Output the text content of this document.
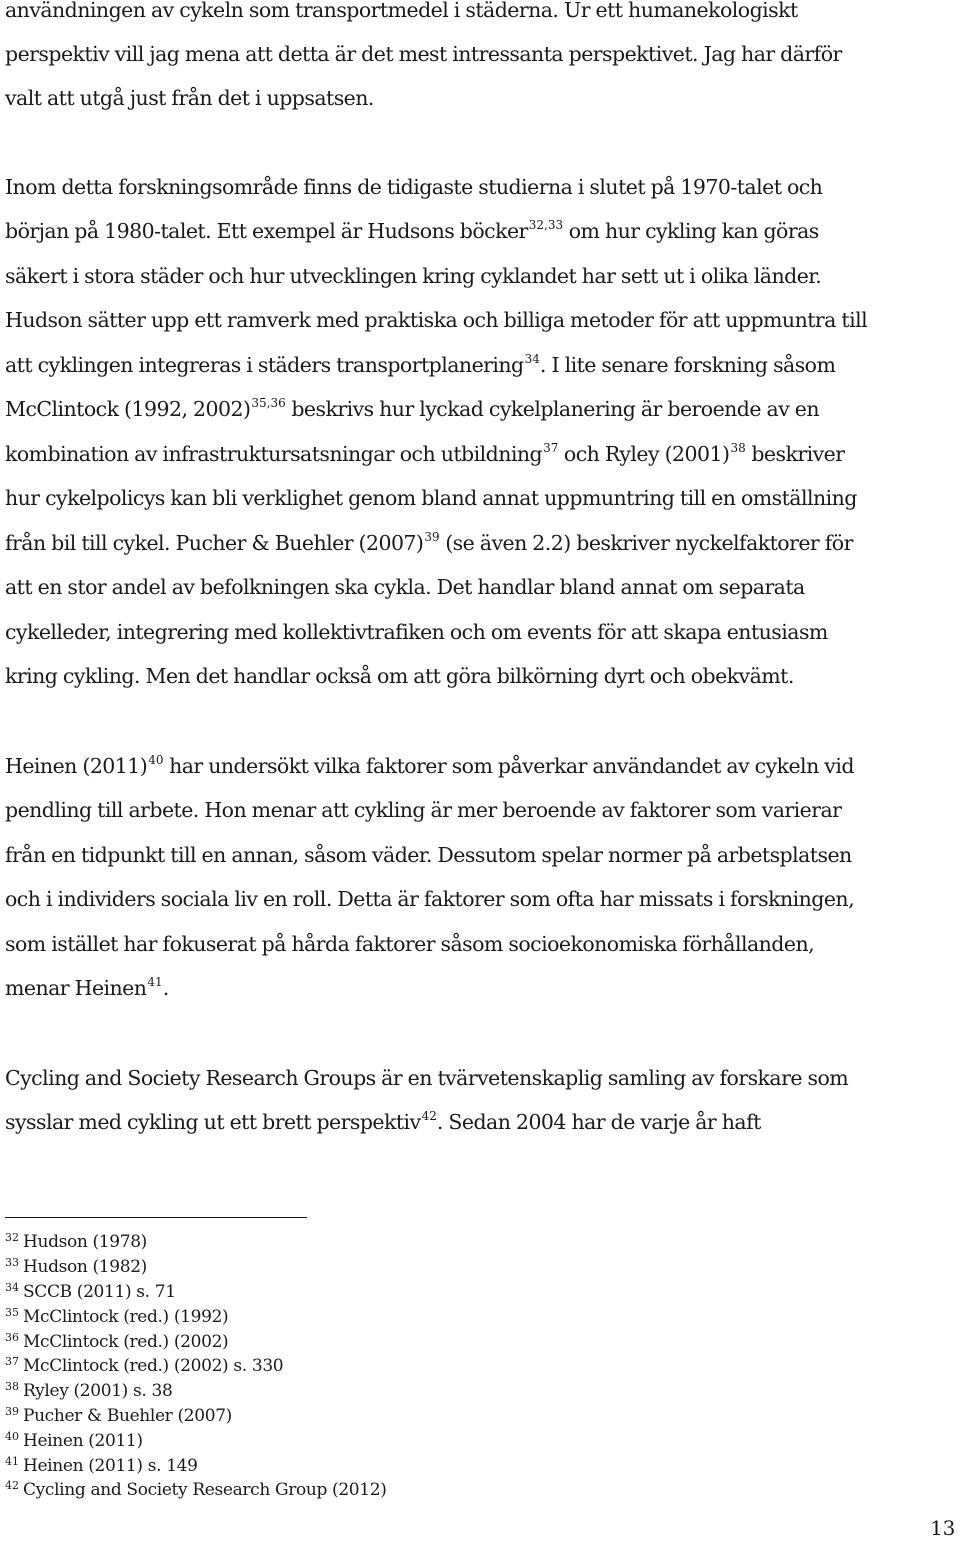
användningen av cykeln som transportmedel i städerna. Ur ett humanekologiskt
perspektiv vill jag mena att detta är det mest intressanta perspektivet. Jag har därför
valt att utgå just från det i uppsatsen.
Inom detta forskningsområde finns de tidigaste studierna i slutet på 1970-talet och
början på 1980-talet. Ett exempel är Hudsons böcker$^{32,33}$ om hur cykling kan göras
säkert i stora städer och hur utvecklingen kring cyklandet har sett ut i olika länder.
Hudson sätter upp ett ramverk med praktiska och billiga metoder för att uppmuntra till
att cyklingen integreras i städers transportplanering$^{34}$. I lite senare forskning såsom
McClintock (1992, 2002)$^{35,36}$ beskrivs hur lyckad cykelplanering är beroende av en
kombination av infrastruktursatsningar och utbildning$^{37}$ och Ryley $(2001)^{38}$ beskriver
hur cykelpolicys kan bli verklighet genom bland annat uppmuntring till en omställning
från bil till cykel. Pucher & Buehler $(2007)^{39}$ (se även 2.2) beskriver nyckelfaktorer för
att en stor andel av befolkningen ska cykla. Det handlar bland annat om separata
cykelleder, integrering med kollektivtrafiken och om events för att skapa entusiasm
kring cykling. Men det handlar också om att göra bilkörning dyrt och obekvämt.
Heinen $(2011)^{40}$ har undersökt vilka faktorer som påverkar användandet av cykeln vid
pendling till arbete. Hon menar att cykling är mer beroende av faktorer som varierar
från en tidpunkt till en annan, såsom väder. Dessutom spelar normer på arbetsplatsen
och i individers sociala liv en roll. Detta är faktorer som ofta har missats i forskningen,
som istället har fokuserat på hårda faktorer såsom socioekonomiska förhållanden,
menar Heinen$^{41}$.
Cycling and Society Research Groups är en tvärvetenskaplig samling av forskare som
sysslar med cykling ut ett brett perspektiv$^{42}$. Sedan 2004 har de varje år haft
$^{32}$ Hudson (1978)
$^{33}$ Hudson (1982)
$^{34}$ SCCB (2011) s. 71
$^{35}$ McClintock (red.) (1992)
$^{36}$ McClintock (red.) (2002)
$^{37}$ McClintock (red.) (2002) s. 330
$^{38}$ Ryley (2001) s. 38
$^{39}$ Pucher & Buehler (2007)
$^{40}$ Heinen (2011)
$^{41}$ Heinen (2011) s. 149
$^{42}$ Cycling and Society Research Group (2012)
13
